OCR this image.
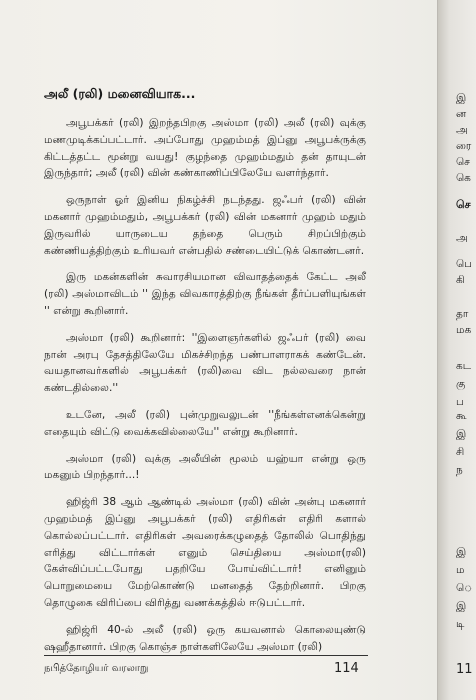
அலீ (ரலி) மனைவியாக...

அபூபக்கர் (ரலி) இறந்தபிறகு அஸ்மா (ரலி) அலீ (ரலி) வுக்கு மணமுடிக்கப்பட்டார். அப்போது முஹம்மத் இப்னு அபூபக்ருக்கு கிட்டத்தட்ட மூன்று வயது! குழந்தை முஹம்மதும் தன் தாயுடன் இருந்தார்; அலீ (ரலி) வின் கண்காணிப்பிலேயே வளர்ந்தார்.

ஒருநாள் ஓர் இனிய நிகழ்ச்சி நடந்தது. ஜஃபர் (ரலி) வின் மகனார் முஹம்மதும், அபூபக்கர் (ரலி) வின் மகனார் முஹம் மதும் இருவரில் யாருடைய தந்தை பெரும் சிறப்பிற்கும் கண்ணியத்திற்கும் உரியவர் என்பதில் சண்டையிட்டுக் கொண்டனர்.

இரு மகன்களின் சுவாரசியமான விவாதத்தைக் கேட்ட அலீ (ரலி) அஸ்மாவிடம் '' இந்த விவகாரத்திற்கு நீங்கள் தீர்ப்பளியுங்கள் '' என்று கூறினார்.

அஸ்மா (ரலி) கூறினார்: ''இளைஞர்களில் ஜஃபர் (ரலி) வை நான் அரபு தேசத்திலேயே மிகச்சிறந்த பண்பாளராகக் கண்டேன். வயதானவர்களில் அபூபக்கர் (ரலி)வை விட நல்லவரை நான் கண்டதில்லை.''

உடனே, அலீ (ரலி) புன்முறுவலுடன் ''நீங்கள்எனக்கென்று எதையும் விட்டு வைக்கவில்லையே'' என்று கூறினார்.

அஸ்மா (ரலி) வுக்கு அலீயின் மூலம் யஹ்யா என்று ஒரு மகனும் பிறந்தார்...!

ஹிஜ்ரி 38 ஆம் ஆண்டில் அஸ்மா (ரலி) வின் அன்பு மகனார் முஹம்மத் இப்னு அபூபக்கர் (ரலி) எதிரிகள் எதிரி களால் கொல்லப்பட்டார். எதிரிகள் அவரைக்கழுதைத் தோலில் பொதிந்து எரித்து விட்டார்கள் எனும் செய்தியை அஸ்மா(ரலி) கேள்விப்பட்டபோது பதறியே போய்விட்டார்! எனினும் பொறுமையை மேற்கொண்டு மனதைத் தேற்றினார். பிறகு தொழுகை விரிப்பை விரித்து வணக்கத்தில் ஈடுபட்டார்.

ஹிஜ்ரி 40-ல் அலீ (ரலி) ஒரு கயவனால் கொலையுண்டு ஷஹீதானார். பிறகு கொஞ்ச நாள்களிலேயே அஸ்மா (ரலி)

நபித்தோழியர் வரலாறு	114
இ
ன
அ
ரை
செ
கெ
செ
அ
பெ
கி
தா
மக
கட
கு
ப
கூ
இ
சி
ந
இ
ம
ெ
இ
டி
11
